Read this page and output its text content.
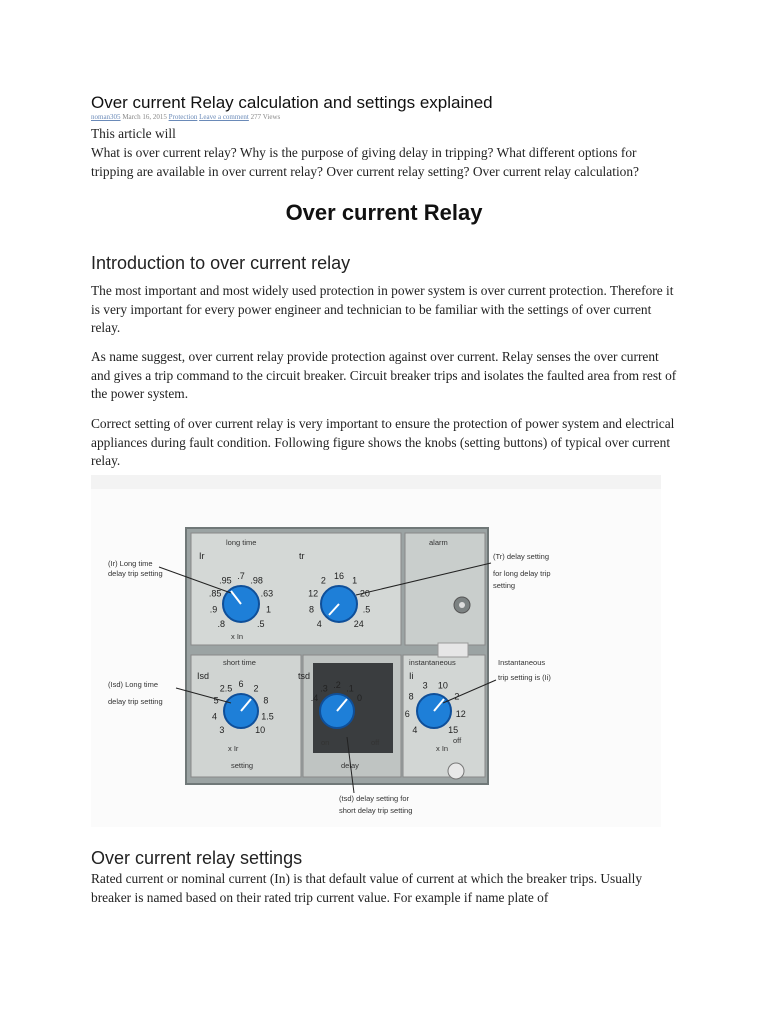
Over current Relay calculation and settings explained
noman305 March 16, 2015 Protection Leave a comment 277 Views

This article will

What is over current relay? Why is the purpose of giving delay in tripping? What different options for tripping are available in over current relay? Over current relay setting? Over current relay calculation?

Over current Relay
Introduction to over current relay

The most important and most widely used protection in power system is over current protection. Therefore it is very important for every power engineer and technician to be familiar with the settings of over current relay.

As name suggest, over current relay provide protection against over current. Relay senses the over current and gives a trip command to the circuit breaker. Circuit breaker trips and isolates the faulted area from rest of the power system.

Correct setting of over current relay is very important to ensure the protection of power system and electrical appliances during fault condition. Following figure shows the knobs (setting buttons) of typical over current relay.

long time	alarm
short time	instantaneous
Ir	tr
Isd	tsd	Ii
x In
x Ir	x In
setting	delay
off	off
on
.8
.9
.85
.95 .7 .98
.63
1
.5	4
8
12
2 16 1
20
.5
24
3
4
5
2.5 6 2
8
1.5
10
.4
.3 .2 .1
0
4
6
8
3 10
2
12
15
(Ir) Long time
delay trip setting
(Tr) delay setting
for long delay trip
setting
(Isd) Long time
delay trip setting
Instantaneous
trip setting is (Ii)
(tsd) delay setting for
short delay trip setting
Over current relay settings

Rated current or nominal current (In) is that default value of current at which the breaker trips. Usually breaker is named based on their rated trip current value. For example if name plate of
